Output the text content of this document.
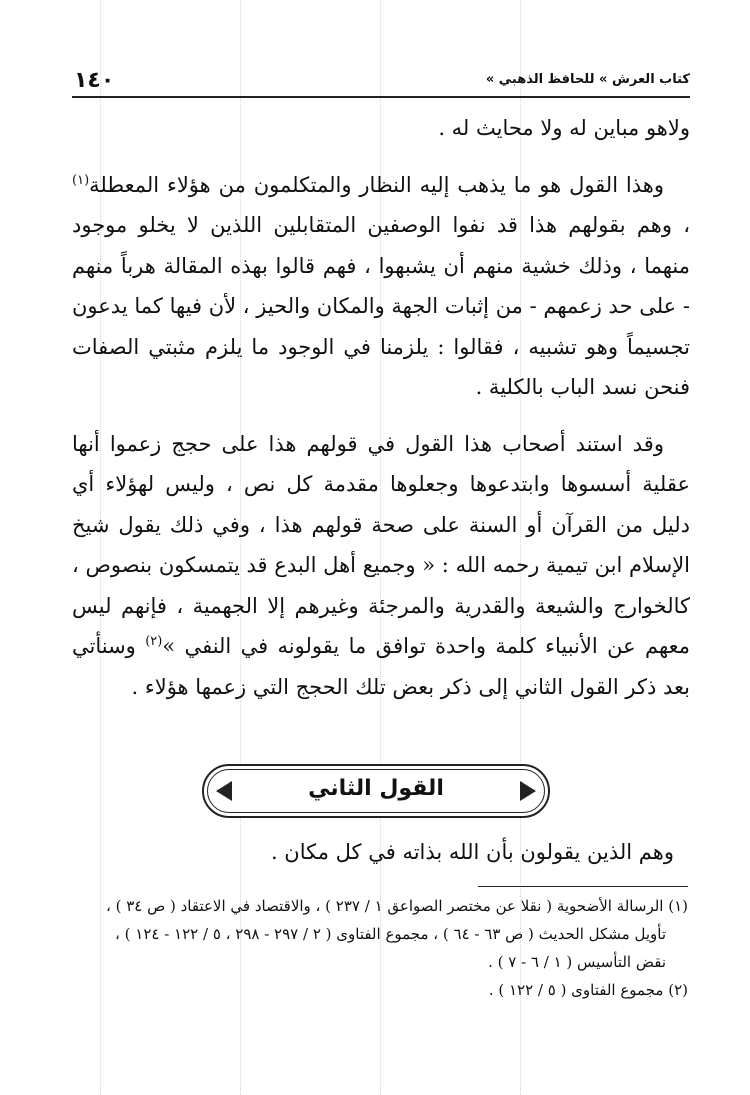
١٤٠	« كتاب العرش » للحافظ الذهبي

ولاهو مباين له ولا محايث له .

وهذا القول هو ما يذهب إليه النظار والمتكلمون من هؤلاء المعطلة$^{(١)}$ ، وهم بقولهم هذا قد نفوا الوصفين المتقابلين اللذين لا يخلو موجود منهما ، وذلك خشية منهم أن يشبهوا ، فهم قالوا بهذه المقالة هرباً منهم - على حد زعمهم - من إثبات الجهة والمكان والحيز ، لأن فيها كما يدعون تجسيماً وهو تشبيه ، فقالوا : يلزمنا في الوجود ما يلزم مثبتي الصفات فنحن نسد الباب بالكلية .

وقد استند أصحاب هذا القول في قولهم هذا على حجج زعموا أنها عقلية أسسوها وابتدعوها وجعلوها مقدمة كل نص ، وليس لهؤلاء أي دليل من القرآن أو السنة على صحة قولهم هذا ، وفي ذلك يقول شيخ الإسلام ابن تيمية رحمه الله : « وجميع أهل البدع قد يتمسكون بنصوص ، كالخوارج والشيعة والقدرية والمرجئة وغيرهم إلا الجهمية ، فإنهم ليس معهم عن الأنبياء كلمة واحدة توافق ما يقولونه في النفي »$^{(٢)}$ وسنأتي بعد ذكر القول الثاني إلى ذكر بعض تلك الحجج التي زعمها هؤلاء .

القول الثاني
وهم الذين يقولون بأن الله بذاته في كل مكان .

(١) الرسالة الأضحوية ( نقلا عن مختصر الصواعق ١ / ٢٣٧ ) ، والاقتصاد في الاعتقاد ( ص ٣٤ ) ،

تأويل مشكل الحديث ( ص ٦٣ - ٦٤ ) ، مجموع الفتاوى ( ٢ / ٢٩٧ - ٢٩٨ ، ٥ / ١٢٢ - ١٢٤ ) ،

نقض التأسيس ( ١ / ٦ - ٧ ) .

(٢) مجموع الفتاوى ( ٥ / ١٢٢ ) .
